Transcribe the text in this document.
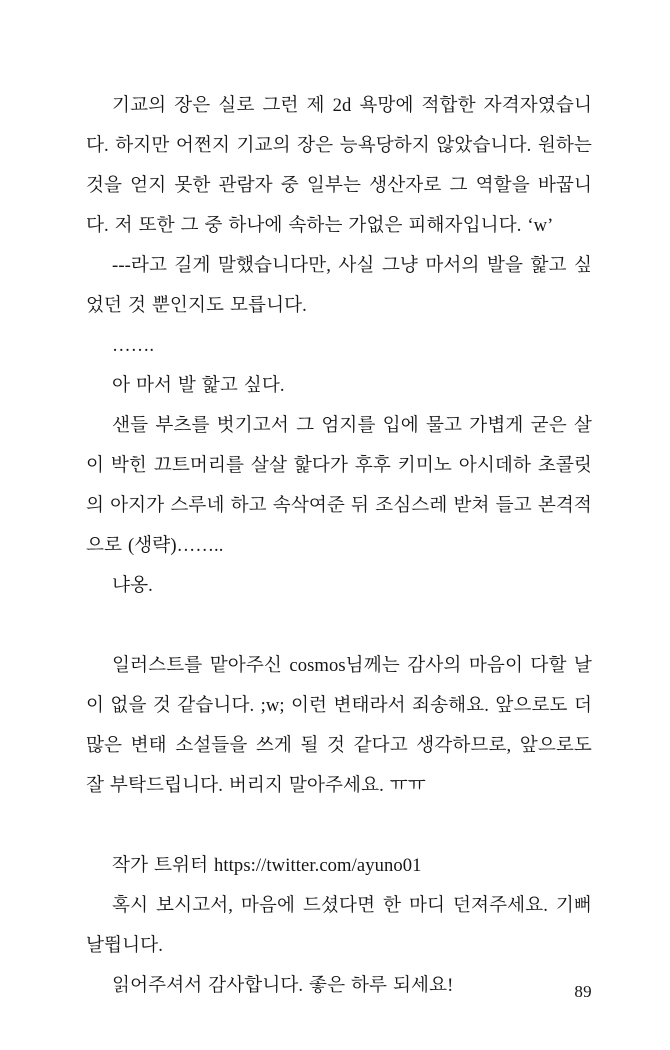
기교의 장은 실로 그런 제 2d 욕망에 적합한 자격자였습니다. 하지만 어쩐지 기교의 장은 능욕당하지 않았습니다. 원하는 것을 얻지 못한 관람자 중 일부는 생산자로 그 역할을 바꿉니다. 저 또한 그 중 하나에 속하는 가없은 피해자입니다. ‘w’

---라고 길게 말했습니다만, 사실 그냥 마서의 발을 핥고 싶었던 것 뿐인지도 모릅니다.

…….

아 마서 발 핥고 싶다.

샌들 부츠를 벗기고서 그 엄지를 입에 물고 가볍게 굳은 살이 박힌 끄트머리를 살살 핥다가 후후 키미노 아시데하 초콜릿의 아지가 스루네 하고 속삭여준 뒤 조심스레 받쳐 들고 본격적으로 (생략)……..

냐옹.

일러스트를 맡아주신 cosmos님께는 감사의 마음이 다할 날이 없을 것 같습니다. ;w; 이런 변태라서 죄송해요. 앞으로도 더 많은 변태 소설들을 쓰게 될 것 같다고 생각하므로, 앞으로도 잘 부탁드립니다. 버리지 말아주세요. ㅠㅠ

작가 트위터 https://twitter.com/ayuno01

혹시 보시고서, 마음에 드셨다면 한 마디 던져주세요. 기뻐 날뜁니다.

읽어주셔서 감사합니다. 좋은 하루 되세요!	89
